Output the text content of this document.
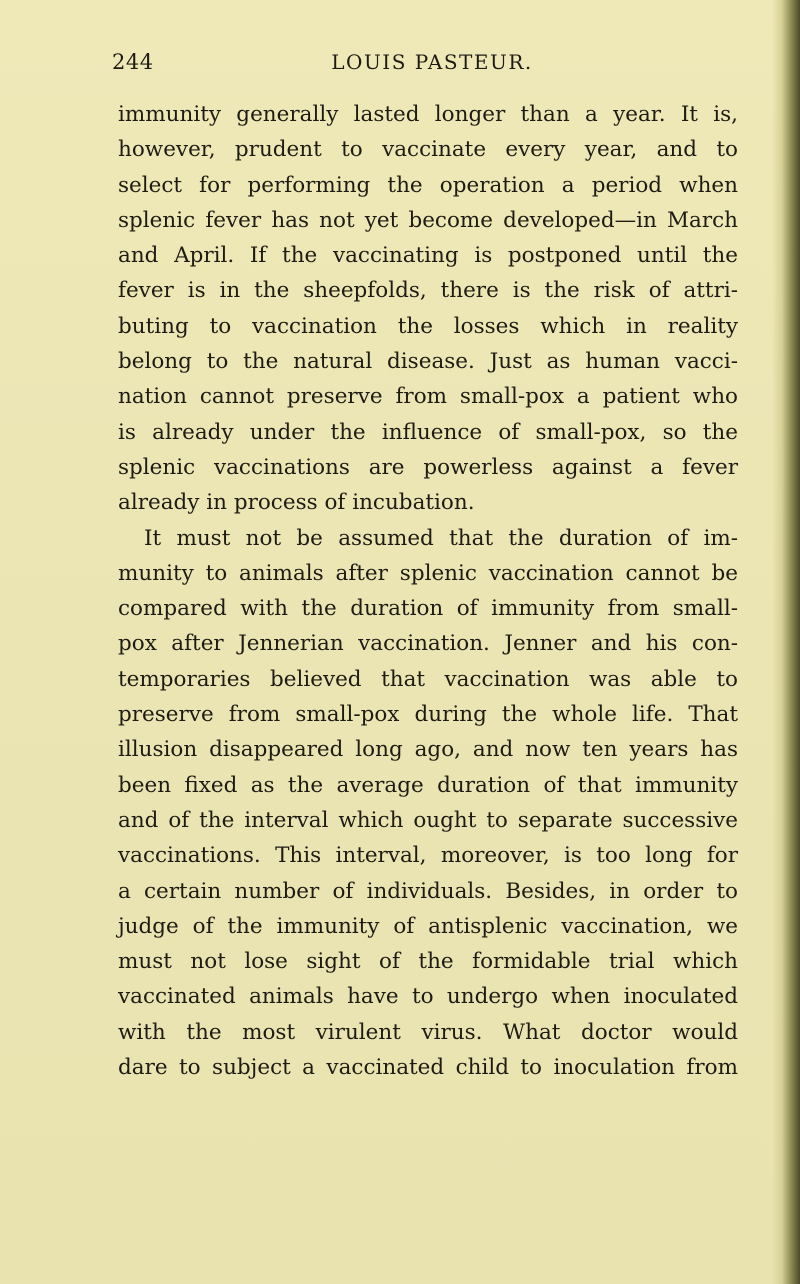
244	LOUIS PASTEUR.
immunity generally lasted longer than a year. It is,
however, prudent to vaccinate every year, and to
select for performing the operation a period when
splenic fever has not yet become developed—in March
and April. If the vaccinating is postponed until the
fever is in the sheepfolds, there is the risk of attri-
buting to vaccination the losses which in reality
belong to the natural disease. Just as human vacci-
nation cannot preserve from small-pox a patient who
is already under the influence of small-pox, so the
splenic vaccinations are powerless against a fever
already in process of incubation.
It must not be assumed that the duration of im-
munity to animals after splenic vaccination cannot be
compared with the duration of immunity from small-
pox after Jennerian vaccination. Jenner and his con-
temporaries believed that vaccination was able to
preserve from small-pox during the whole life. That
illusion disappeared long ago, and now ten years has
been fixed as the average duration of that immunity
and of the interval which ought to separate successive
vaccinations. This interval, moreover, is too long for
a certain number of individuals. Besides, in order to
judge of the immunity of antisplenic vaccination, we
must not lose sight of the formidable trial which
vaccinated animals have to undergo when inoculated
with the most virulent virus. What doctor would
dare to subject a vaccinated child to inoculation from
